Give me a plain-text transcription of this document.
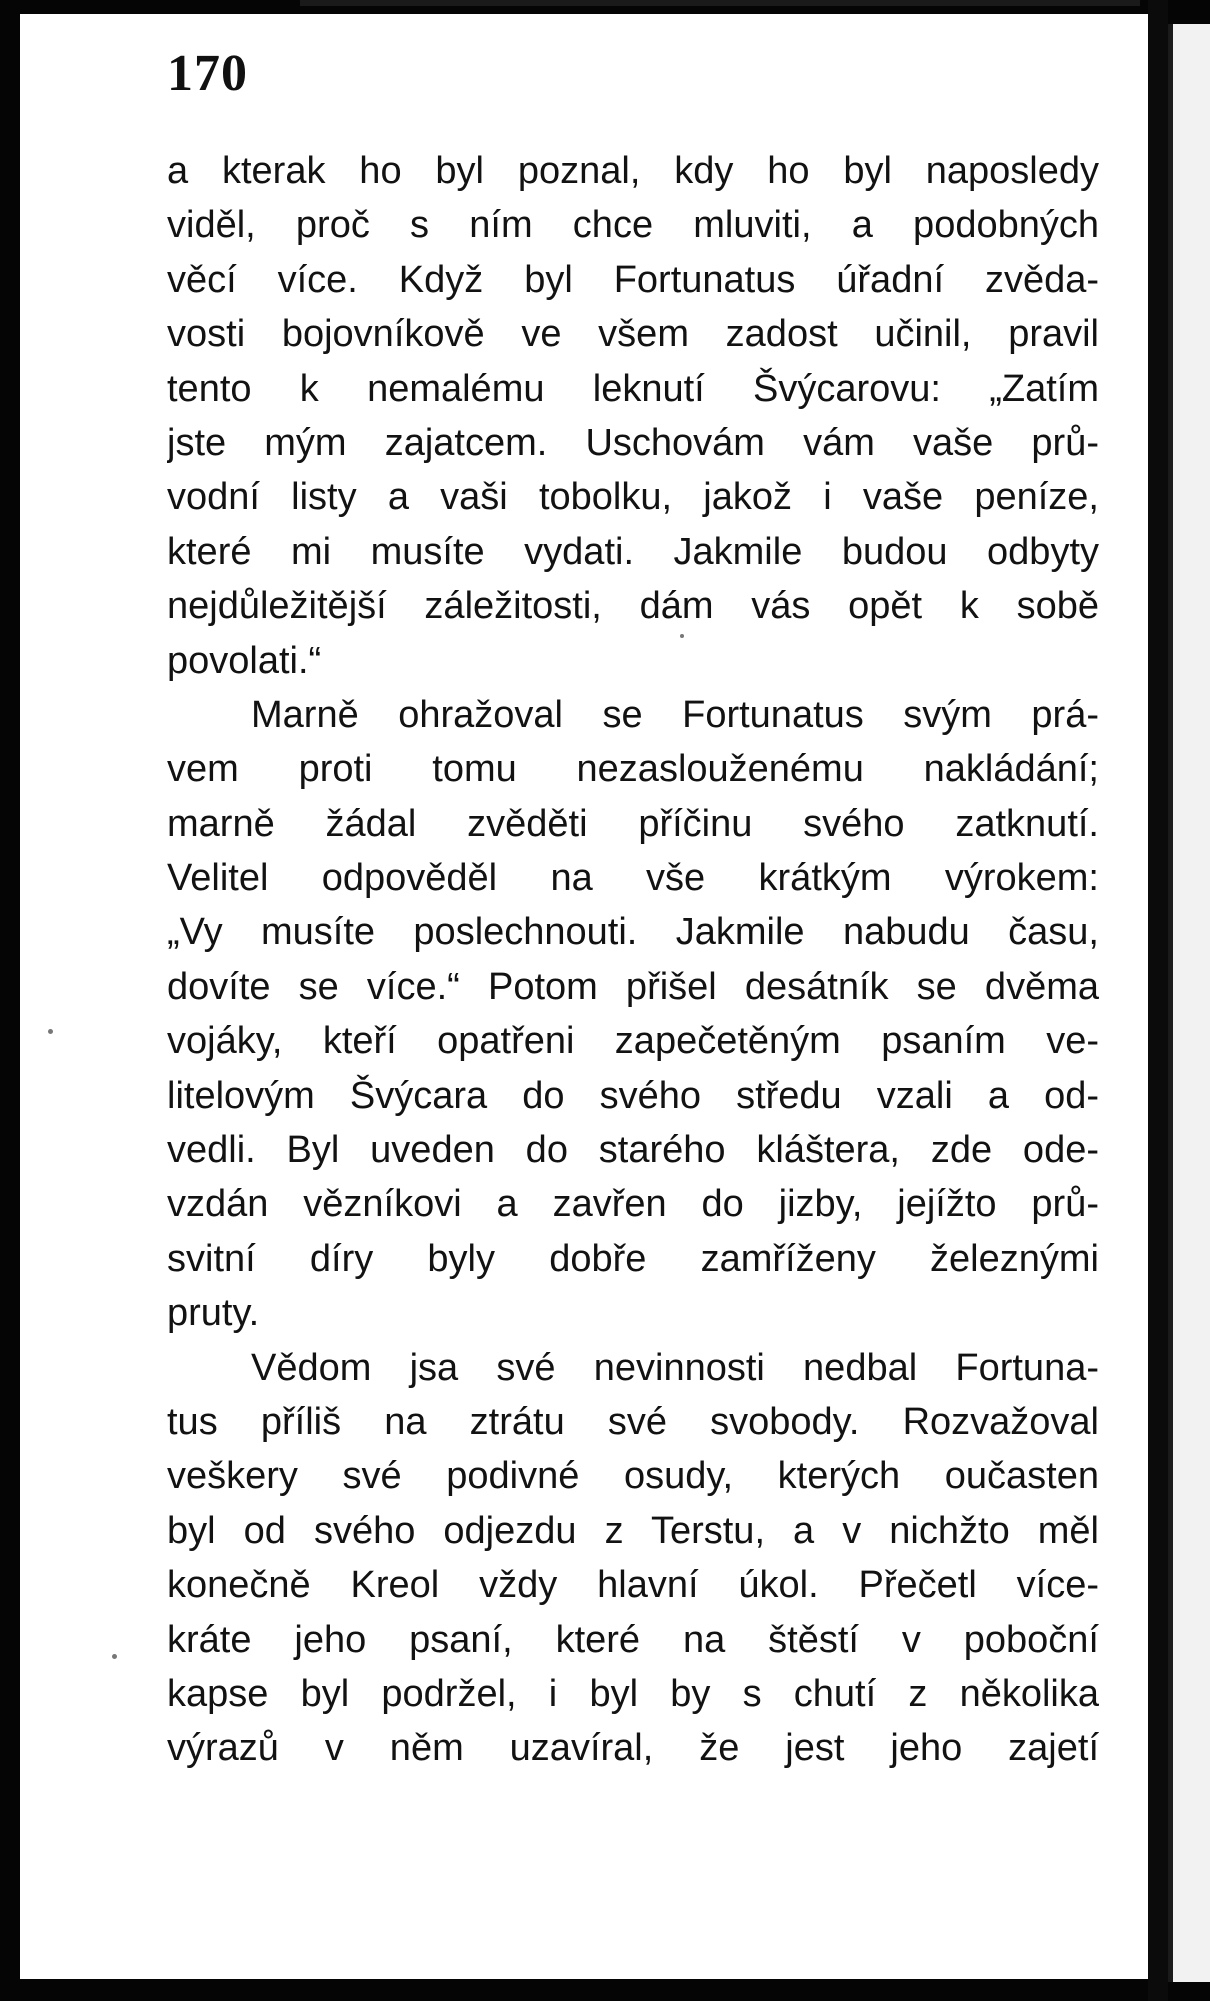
170
a kterak ho byl poznal, kdy ho byl naposledy
viděl, proč s ním chce mluviti, a podobných
věcí více. Když byl Fortunatus úřadní zvěda-
vosti bojovníkově ve všem zadost učinil, pravil
tento k nemalému leknutí Švýcarovu: „Zatím
jste mým zajatcem. Uschovám vám vaše prů-
vodní listy a vaši tobolku, jakož i vaše peníze,
které mi musíte vydati. Jakmile budou odbyty
nejdůležitější záležitosti, dám vás opět k sobě
povolati.“
Marně ohražoval se Fortunatus svým prá-
vem proti tomu nezaslouženému nakládání;
marně žádal zvěděti příčinu svého zatknutí.
Velitel odpověděl na vše krátkým výrokem:
„Vy musíte poslechnouti. Jakmile nabudu času,
dovíte se více.“ Potom přišel desátník se dvěma
vojáky, kteří opatřeni zapečetěným psaním ve-
litelovým Švýcara do svého středu vzali a od-
vedli. Byl uveden do starého kláštera, zde ode-
vzdán vězníkovi a zavřen do jizby, jejížto prů-
svitní díry byly dobře zamříženy železnými
pruty.
Vědom jsa své nevinnosti nedbal Fortuna-
tus příliš na ztrátu své svobody. Rozvažoval
veškery své podivné osudy, kterých oučasten
byl od svého odjezdu z Terstu, a v nichžto měl
konečně Kreol vždy hlavní úkol. Přečetl více-
kráte jeho psaní, které na štěstí v poboční
kapse byl podržel, i byl by s chutí z několika
výrazů v něm uzavíral, že jest jeho zajetí
